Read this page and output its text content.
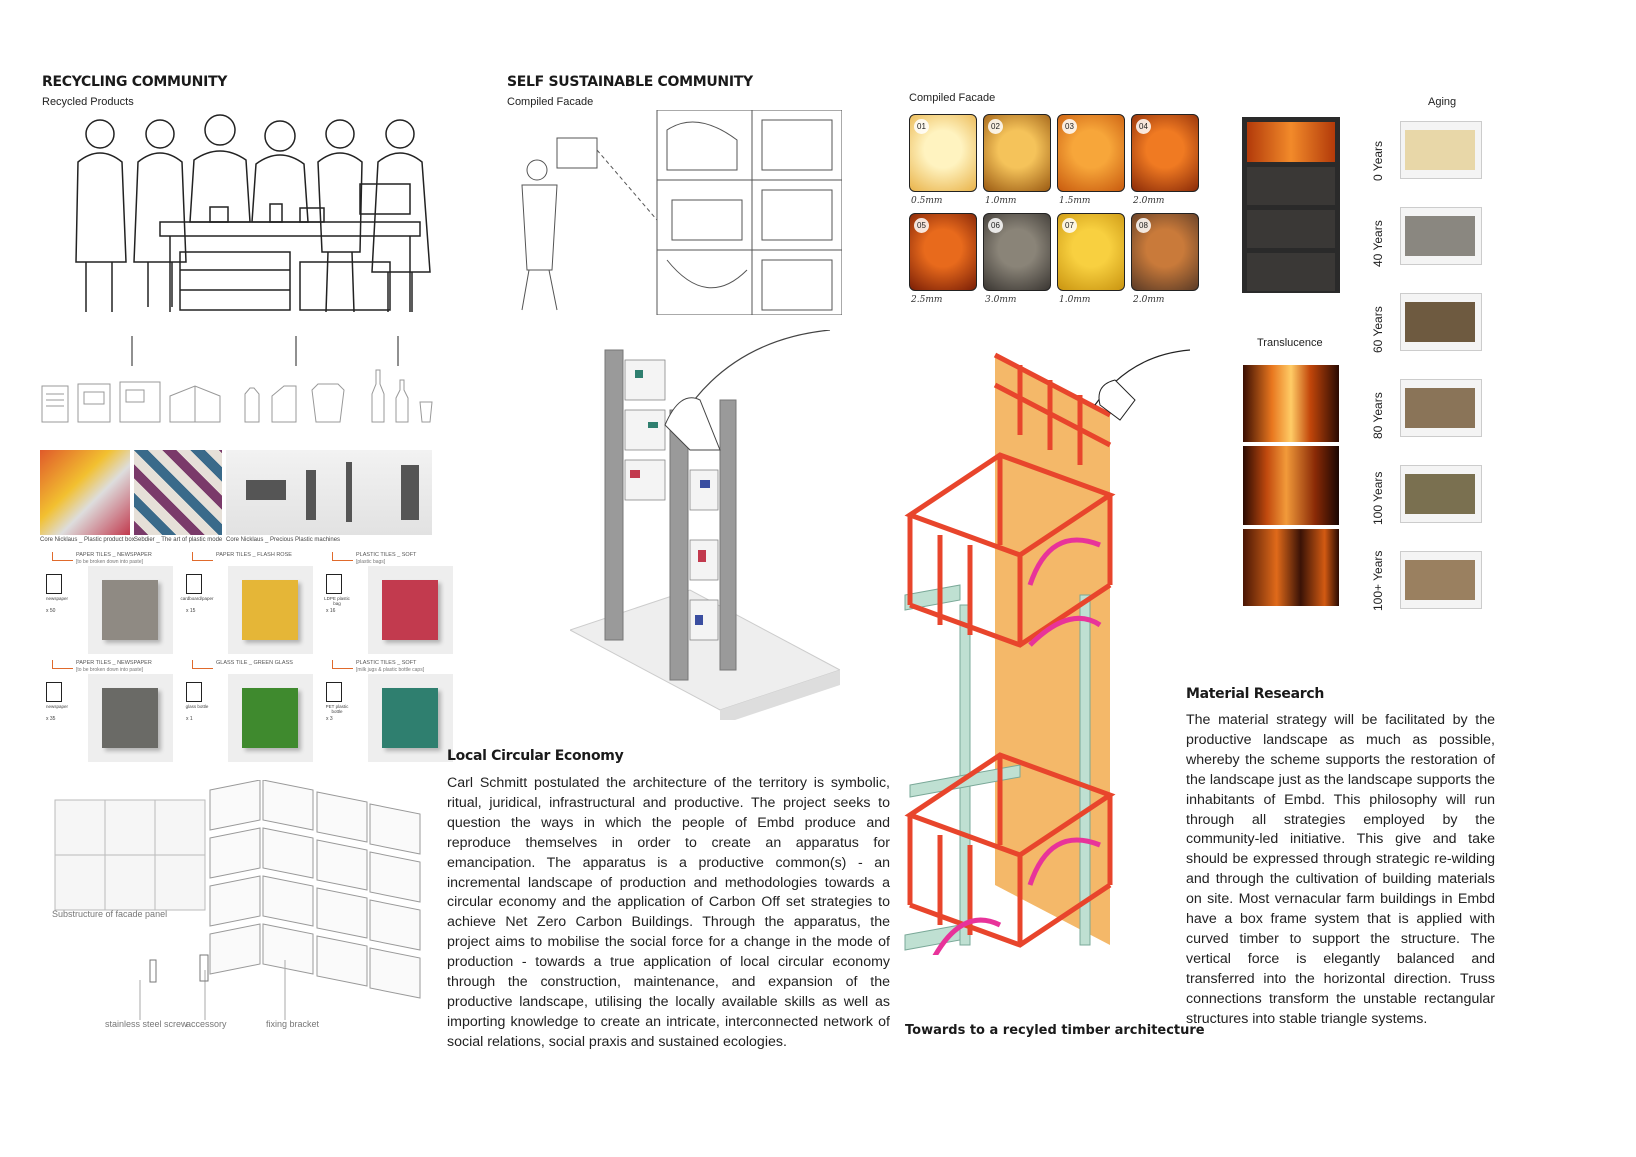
RECYCLING COMMUNITY
Recycled Products
Core Nicklaus _ Plastic product box Sebdier _ The art of plastic mode Core Nicklaus _ Precious Plastic machines
PAPER TILES _ NEWSPAPER
[to be broken down into paste]
newspaper
x 50
PAPER TILES _ FLASH ROSE
cardboard/paper
x 15
PLASTIC TILES _ SOFT
[plastic bags]
LDPE plastic bag
x 16
PAPER TILES _ NEWSPAPER
[to be broken down into paste]
newspaper
x 35
GLASS TILE _ GREEN GLASS
glass bottle
x 1
PLASTIC TILES _ SOFT
[milk jugs & plastic bottle caps]
PET plastic bottle
x 3
Substructure of facade panel
stainless steel screw
accessory	fixing bracket
SELF SUSTAINABLE COMMUNITY
Compiled Facade
Local Circular Economy
Carl Schmitt postulated the architecture of the territory is symbolic, ritual, juridical, infrastructural and productive. The project seeks to question the ways in which the people of Embd produce and reproduce themselves in order to create an apparatus for emancipation. The apparatus is a productive common(s) - an incremental landscape of production and methodologies towards a circular economy and the application of Carbon Off set strategies to achieve Net Zero Carbon Buildings. Through the apparatus, the project aims to mobilise the social force for a change in the mode of production - towards a true application of local circular economy through the construction, maintenance, and expansion of the productive landscape, utilising the locally available skills as well as importing knowledge to create an intricate, interconnected network of social relations, social praxis and sustained ecologies.
Compiled Facade
01
0.5mm
02
1.0mm
03
1.5mm
04
2.0mm
05
2.5mm
06
3.0mm
07
1.0mm
08
2.0mm
Translucence
Aging
0 Years
40 Years
60 Years
80 Years
100 Years
100+ Years
Towards to a recyled timber architecture
Material Research
The material strategy will be facilitated by the productive landscape as much as possible, whereby the scheme supports the restoration of the landscape just as the landscape supports the inhabitants of Embd. This philosophy will run through all strategies employed by the community-led initiative. This give and take should be expressed through strategic re-wilding and through the cultivation of building materials on site. Most vernacular farm buildings in Embd have a box frame system that is applied with curved timber to support the structure. The vertical force is elegantly balanced and transferred into the horizontal direction. Truss connections transform the unstable rectangular structures into stable triangle systems.
